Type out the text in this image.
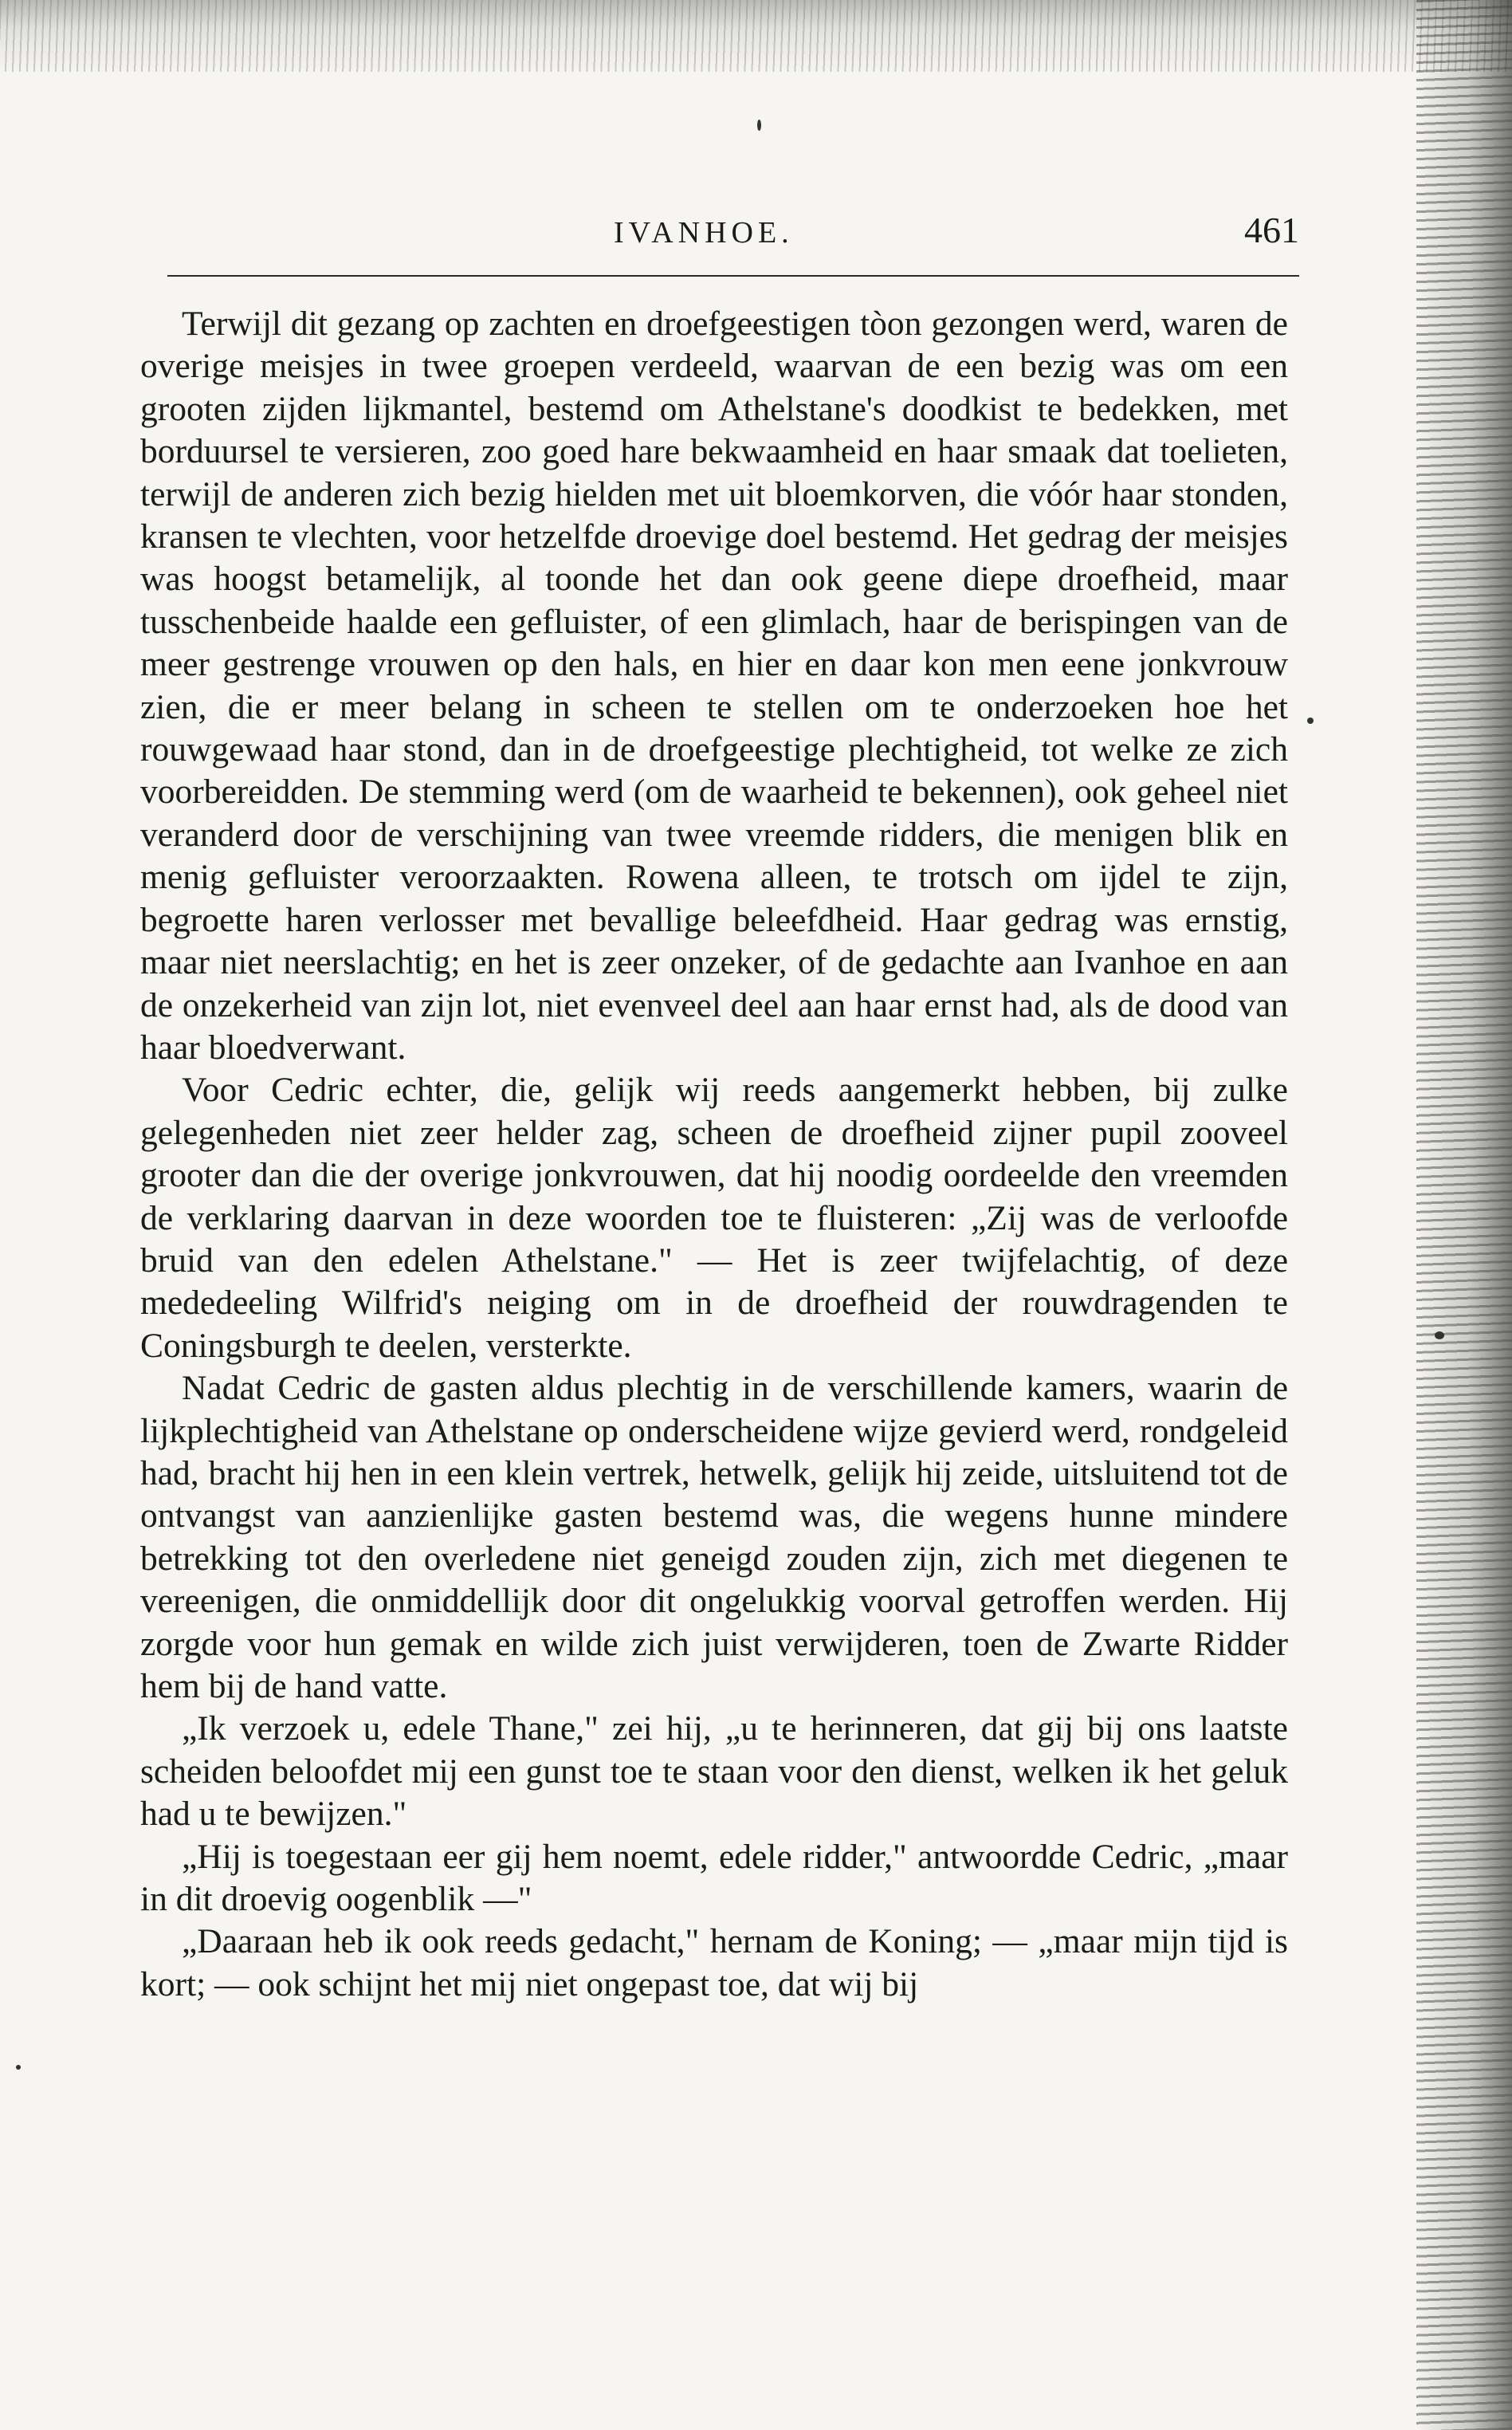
IVANHOE.	461

Terwijl dit gezang op zachten en droefgeestigen tòon gezongen werd, waren de overige meisjes in twee groepen verdeeld, waarvan de een bezig was om een grooten zijden lijkmantel, bestemd om Athelstane's doodkist te bedekken, met borduursel te versieren, zoo goed hare bekwaamheid en haar smaak dat toelieten, terwijl de anderen zich bezig hielden met uit bloemkorven, die vóór haar stonden, kransen te vlechten, voor hetzelfde droevige doel bestemd. Het gedrag der meisjes was hoogst betamelijk, al toonde het dan ook geene diepe droefheid, maar tusschenbeide haalde een gefluister, of een glimlach, haar de berispingen van de meer gestrenge vrouwen op den hals, en hier en daar kon men eene jonkvrouw zien, die er meer belang in scheen te stellen om te onderzoeken hoe het rouwgewaad haar stond, dan in de droefgeestige plechtigheid, tot welke ze zich voorbereidden. De stemming werd (om de waarheid te bekennen), ook geheel niet veranderd door de verschijning van twee vreemde ridders, die menigen blik en menig gefluister veroorzaakten. Rowena alleen, te trotsch om ijdel te zijn, begroette haren verlosser met bevallige beleefdheid. Haar gedrag was ernstig, maar niet neerslachtig; en het is zeer onzeker, of de gedachte aan Ivanhoe en aan de onzekerheid van zijn lot, niet evenveel deel aan haar ernst had, als de dood van haar bloedverwant.

Voor Cedric echter, die, gelijk wij reeds aangemerkt hebben, bij zulke gelegenheden niet zeer helder zag, scheen de droefheid zijner pupil zooveel grooter dan die der overige jonkvrouwen, dat hij noodig oordeelde den vreemden de verklaring daarvan in deze woorden toe te fluisteren: „Zij was de verloofde bruid van den edelen Athelstane." — Het is zeer twijfelachtig, of deze mededeeling Wilfrid's neiging om in de droefheid der rouwdragenden te Coningsburgh te deelen, versterkte.

Nadat Cedric de gasten aldus plechtig in de verschillende kamers, waarin de lijkplechtigheid van Athelstane op onderscheidene wijze gevierd werd, rondgeleid had, bracht hij hen in een klein vertrek, hetwelk, gelijk hij zeide, uitsluitend tot de ontvangst van aanzienlijke gasten bestemd was, die wegens hunne mindere betrekking tot den overledene niet geneigd zouden zijn, zich met diegenen te vereenigen, die onmiddellijk door dit ongelukkig voorval getroffen werden. Hij zorgde voor hun gemak en wilde zich juist verwijderen, toen de Zwarte Ridder hem bij de hand vatte.

„Ik verzoek u, edele Thane," zei hij, „u te herinneren, dat gij bij ons laatste scheiden beloofdet mij een gunst toe te staan voor den dienst, welken ik het geluk had u te bewijzen."

„Hij is toegestaan eer gij hem noemt, edele ridder," antwoordde Cedric, „maar in dit droevig oogenblik —"

„Daaraan heb ik ook reeds gedacht," hernam de Koning; — „maar mijn tijd is kort; — ook schijnt het mij niet ongepast toe, dat wij bij
